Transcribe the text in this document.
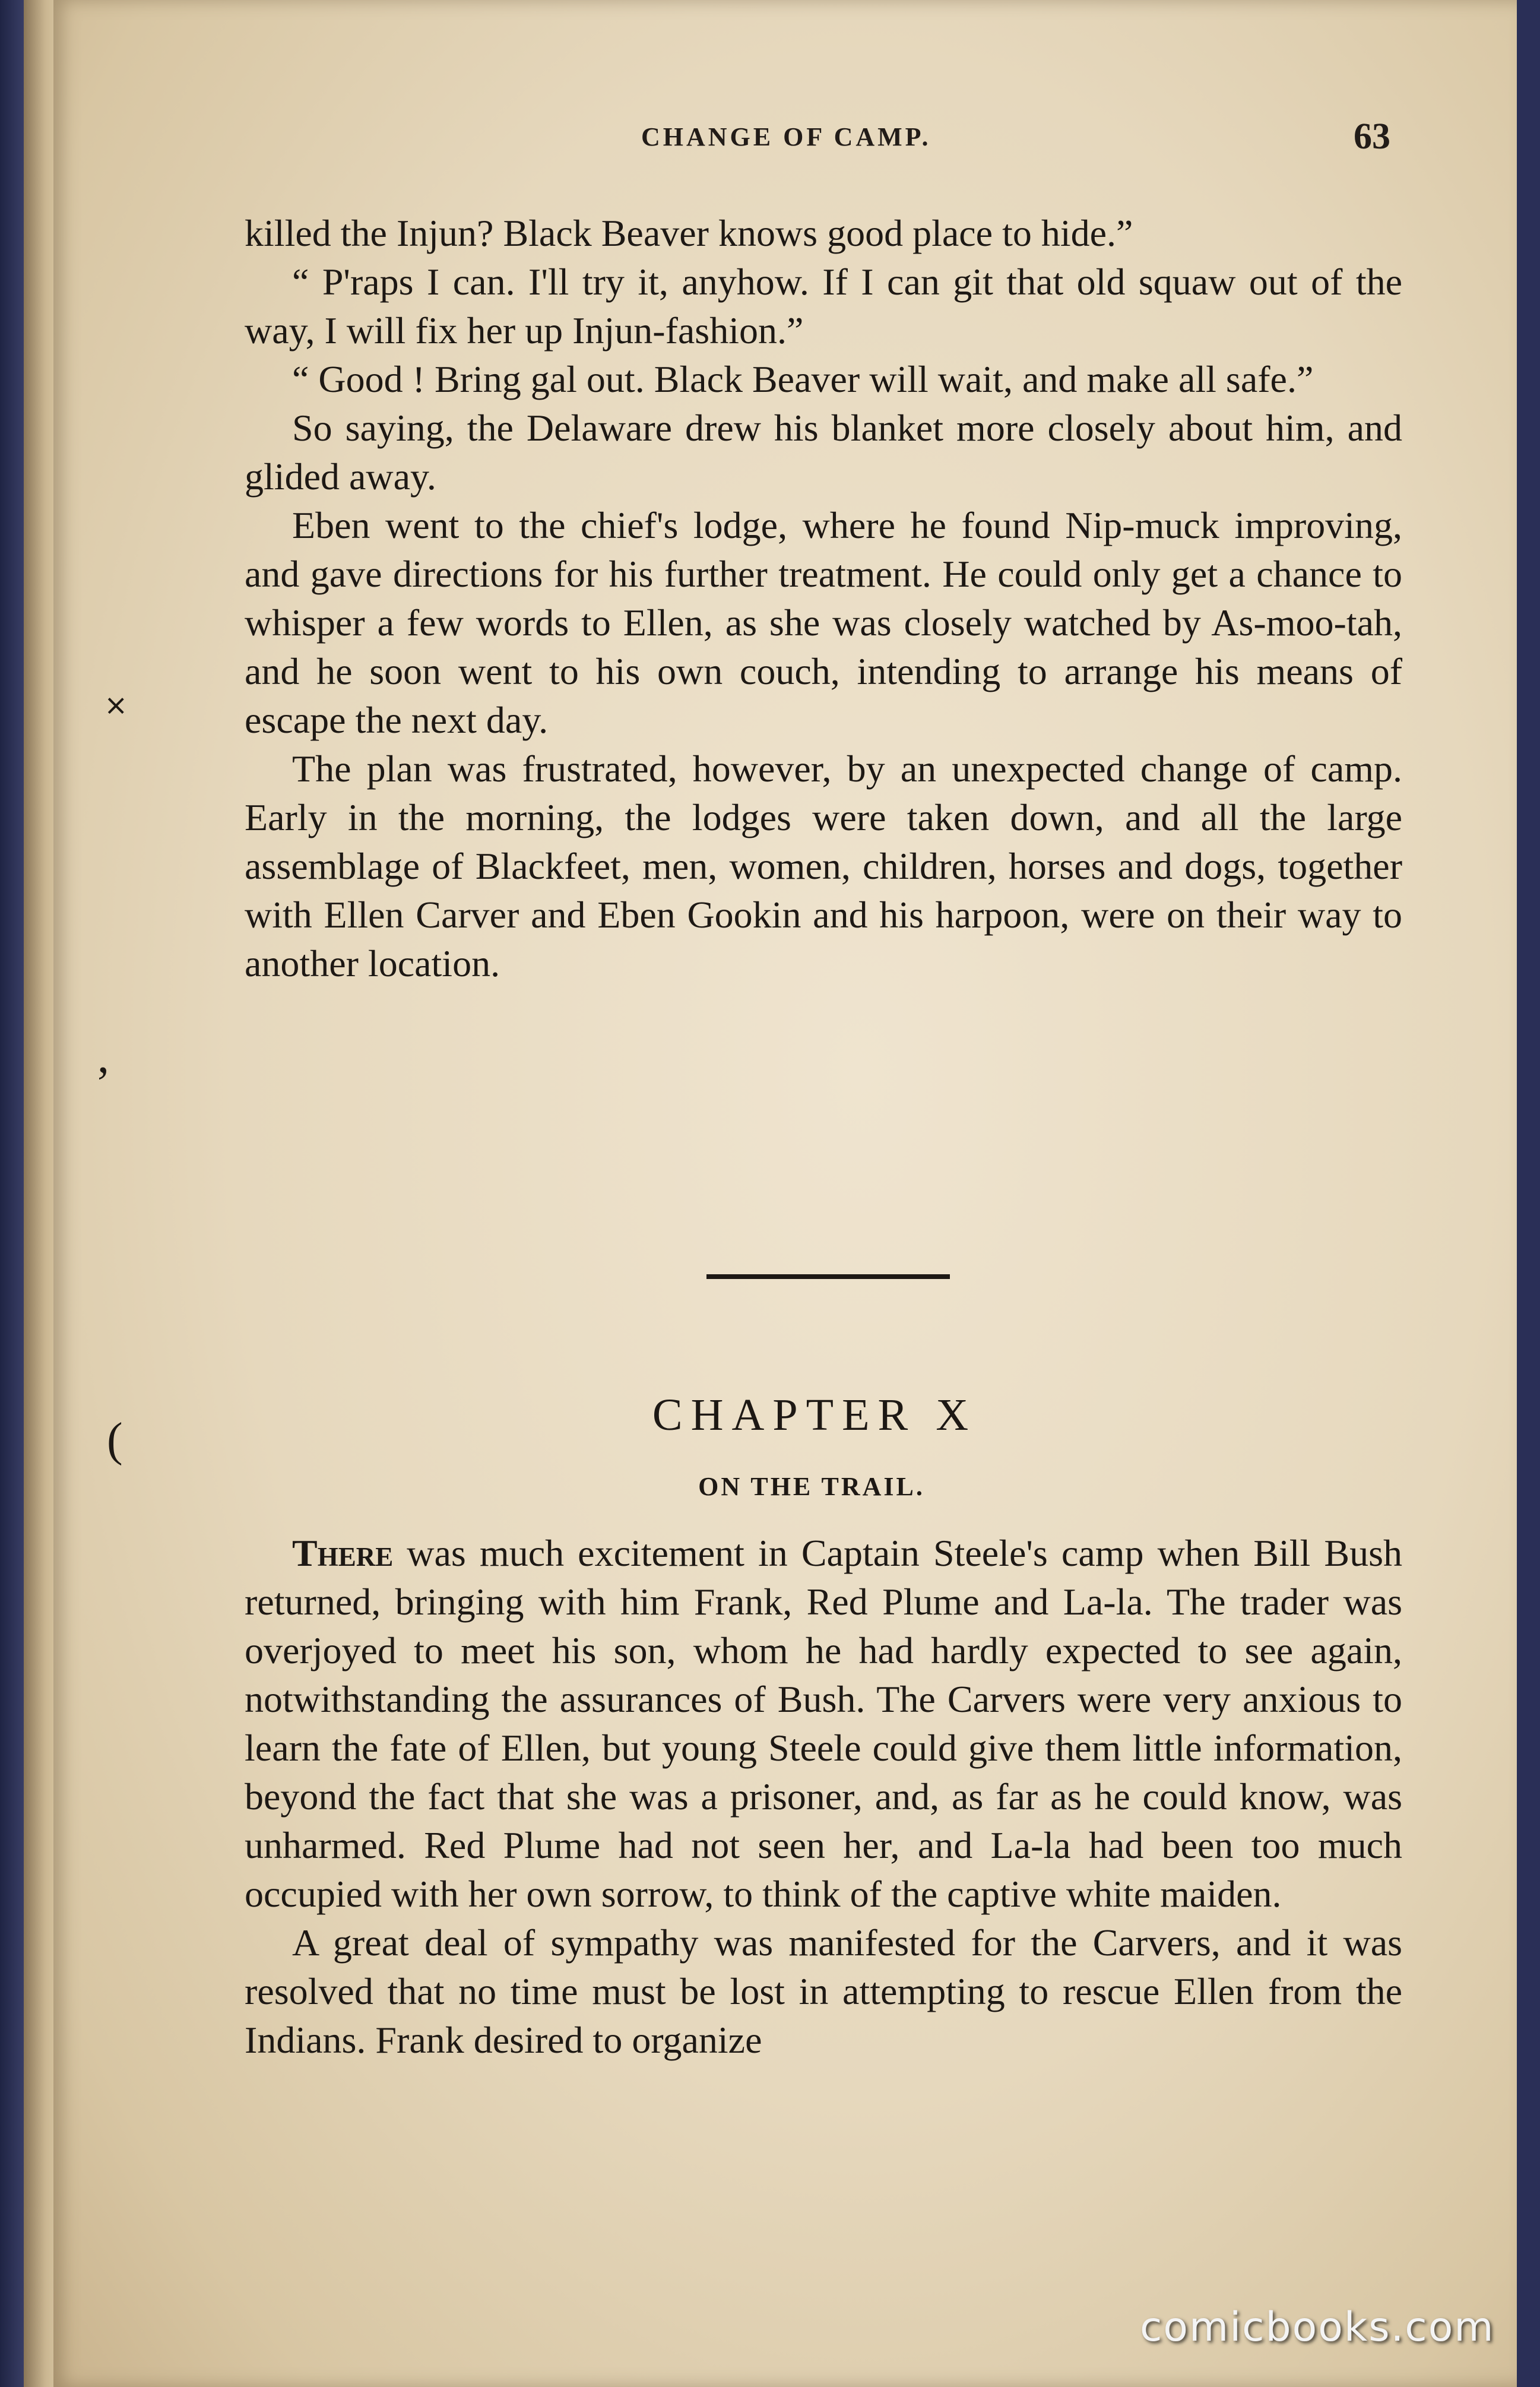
CHANGE OF CAMP.	63

killed the Injun? Black Beaver knows good place to hide.”

“ P'raps I can. I'll try it, anyhow. If I can git that old squaw out of the way, I will fix her up Injun-fashion.”

“ Good ! Bring gal out. Black Beaver will wait, and make all safe.”

So saying, the Delaware drew his blanket more closely about him, and glided away.

Eben went to the chief's lodge, where he found Nip-muck improving, and gave directions for his further treatment. He could only get a chance to whisper a few words to Ellen, as she was closely watched by As-moo-tah, and he soon went to his own couch, intending to arrange his means of escape the next day.

The plan was frustrated, however, by an unexpected change of camp. Early in the morning, the lodges were taken down, and all the large assemblage of Blackfeet, men, women, children, horses and dogs, together with Ellen Carver and Eben Gookin and his harpoon, were on their way to another location.

˟
ʼ
(	CHAPTER X
ON THE TRAIL.

There was much excitement in Captain Steele's camp when Bill Bush returned, bringing with him Frank, Red Plume and La-la. The trader was overjoyed to meet his son, whom he had hardly expected to see again, notwithstanding the assurances of Bush. The Carvers were very anxious to learn the fate of Ellen, but young Steele could give them little information, beyond the fact that she was a prisoner, and, as far as he could know, was unharmed. Red Plume had not seen her, and La-la had been too much occupied with her own sorrow, to think of the captive white maiden.

A great deal of sympathy was manifested for the Carvers, and it was resolved that no time must be lost in attempting to rescue Ellen from the Indians. Frank desired to organize

comicbooks.com
